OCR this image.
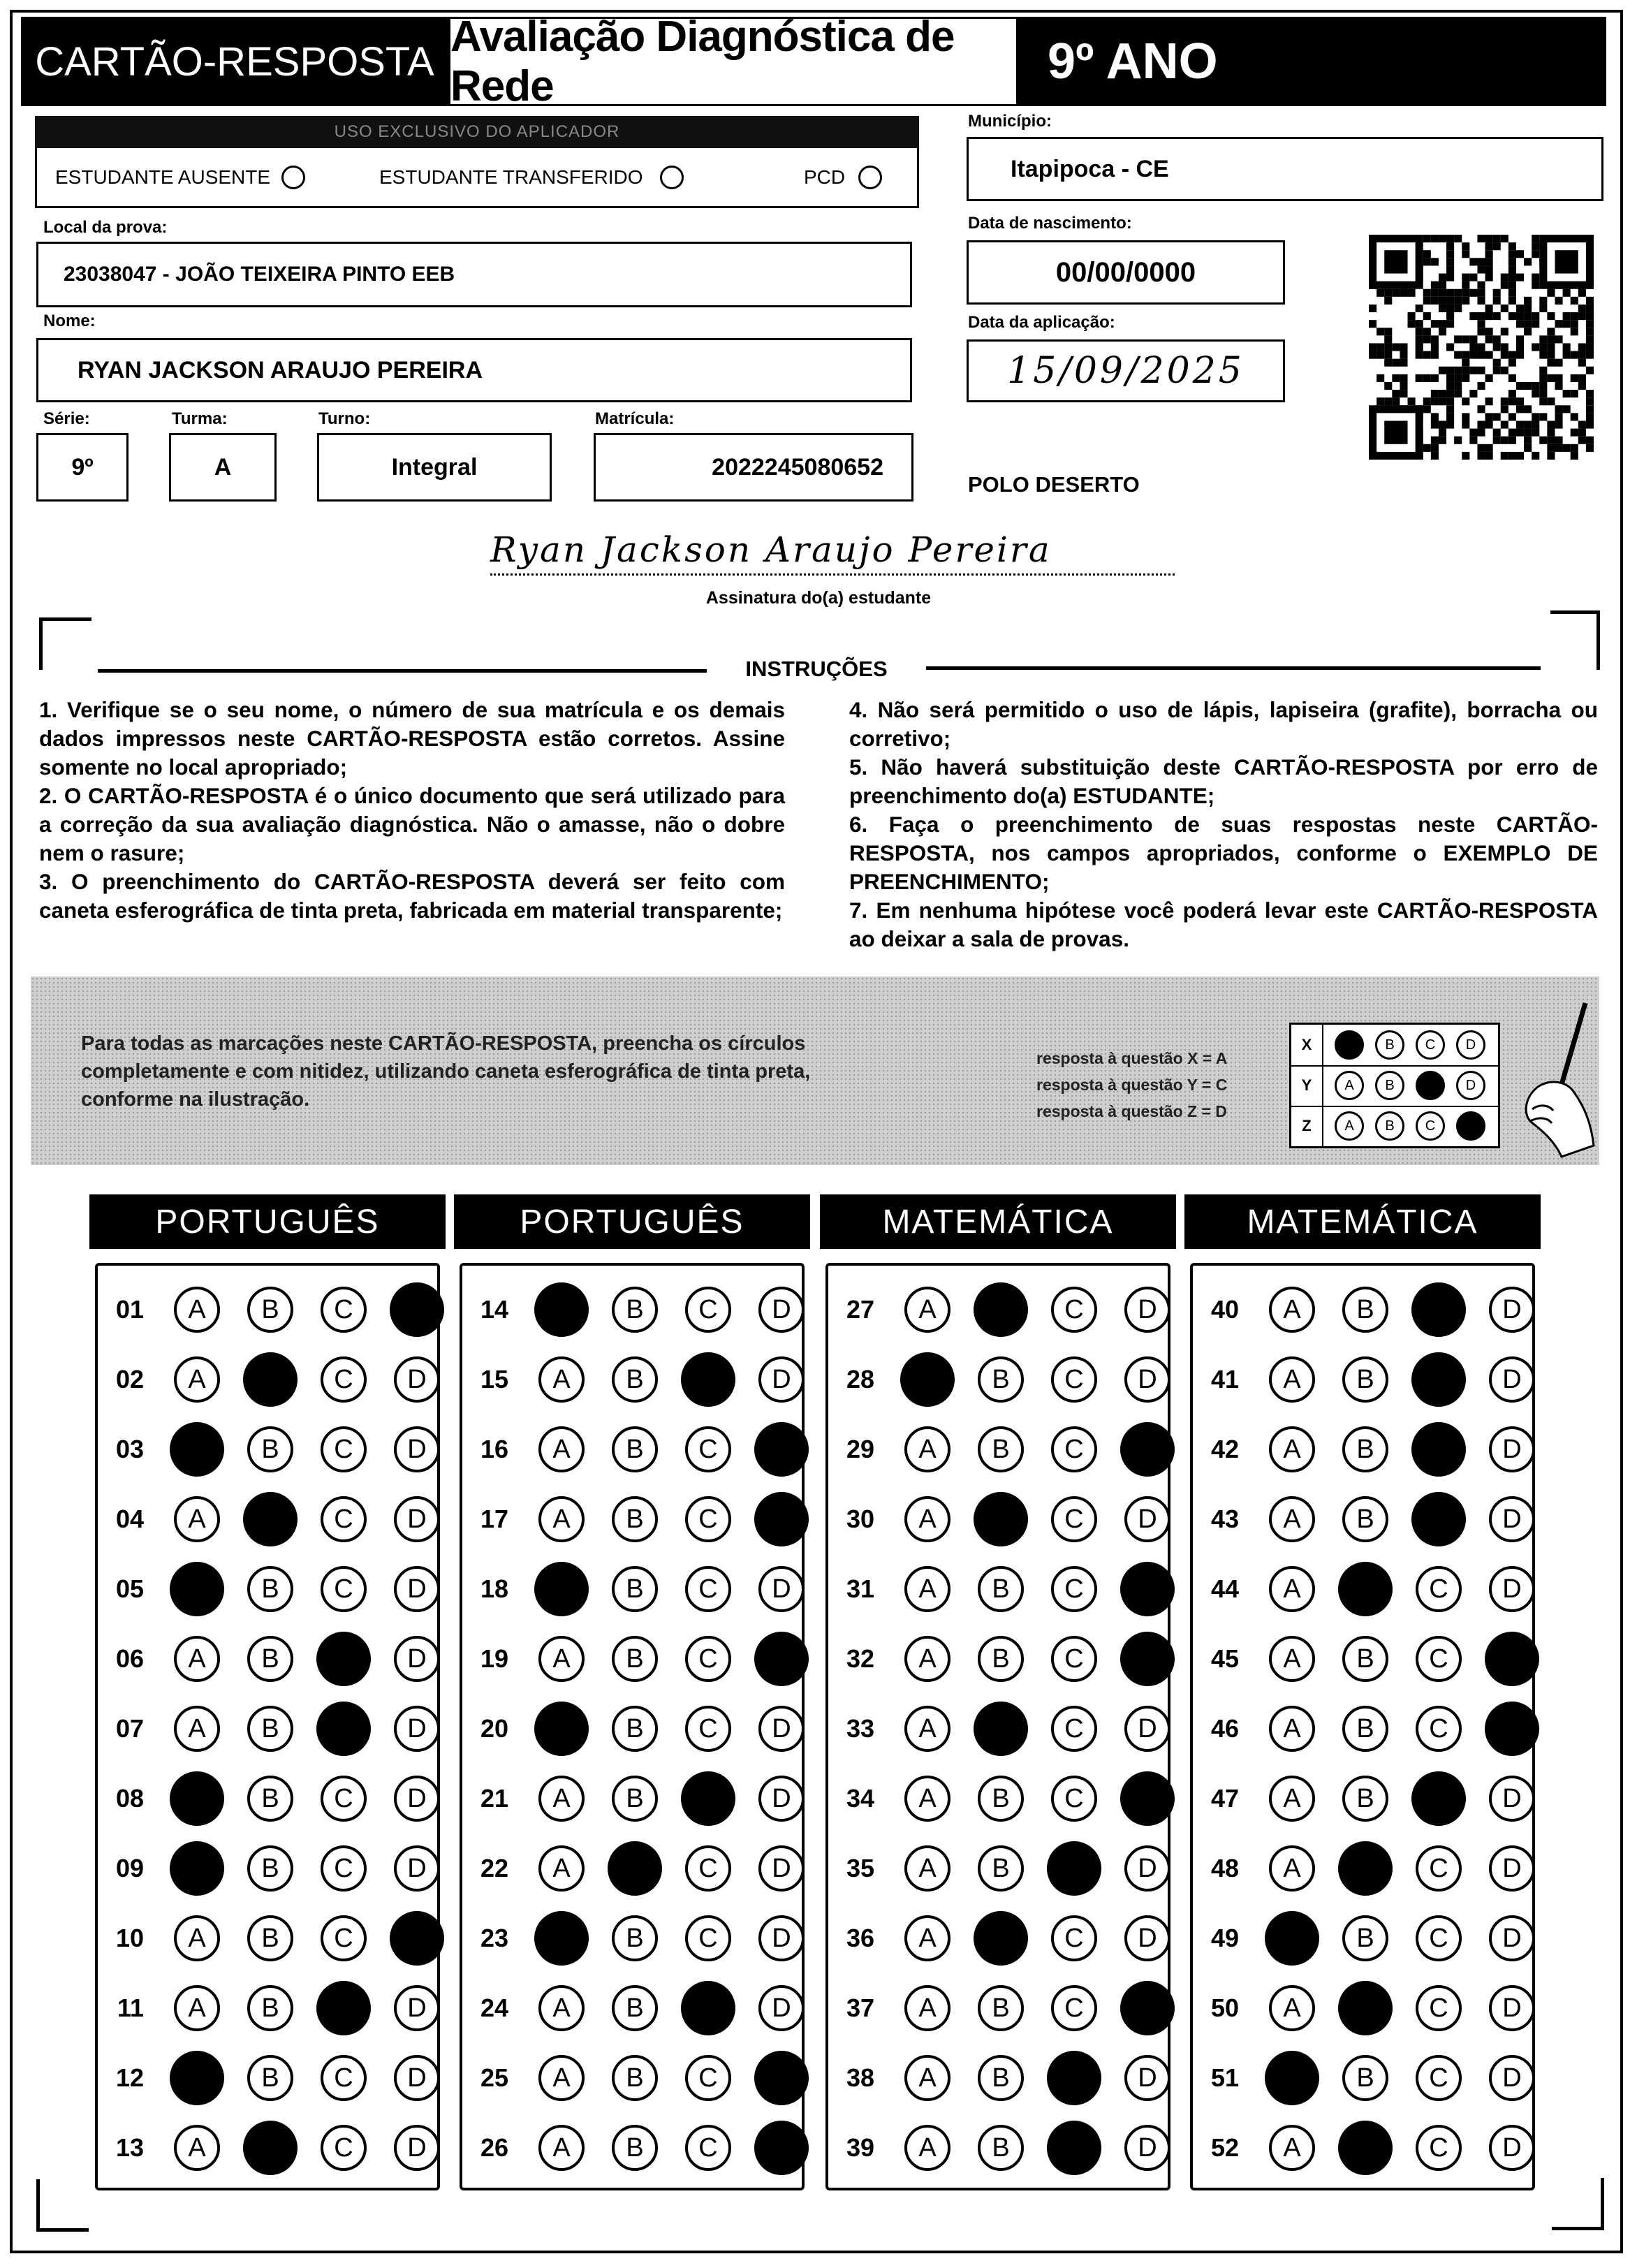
CARTÃO-RESPOSTA
Avaliação Diagnóstica de Rede	9º ANO
USO EXCLUSIVO DO APLICADOR
ESTUDANTE AUSENTE	ESTUDANTE TRANSFERIDO	PCD
Município:
Itapipoca - CE
Local da prova:
23038047 - JOÃO TEIXEIRA PINTO EEB
Data de nascimento:
00/00/0000
Data da aplicação:
15/09/2025
Nome:
RYAN JACKSON ARAUJO PEREIRA
Série:
9º
Turma:
A
Turno:
Integral
Matrícula:
2022245080652
POLO DESERTO
Ryan Jackson Araujo Pereira
Assinatura do(a) estudante
INSTRUÇÕES

1. Verifique se o seu nome, o número de sua matrícula e os demais dados impressos neste CARTÃO-RESPOSTA estão corretos. Assine somente no local apropriado;

2. O CARTÃO-RESPOSTA é o único documento que será utilizado para a correção da sua avaliação diagnóstica. Não o amasse, não o dobre nem o rasure;

3. O preenchimento do CARTÃO-RESPOSTA deverá ser feito com caneta esferográfica de tinta preta, fabricada em material transparente;

4. Não será permitido o uso de lápis, lapiseira (grafite), borracha ou corretivo;

5. Não haverá substituição deste CARTÃO-RESPOSTA por erro de preenchimento do(a) ESTUDANTE;

6. Faça o preenchimento de suas respostas neste CARTÃO-RESPOSTA, nos campos apropriados, conforme o EXEMPLO DE PREENCHIMENTO;

7. Em nenhuma hipótese você poderá levar este CARTÃO-RESPOSTA ao deixar a sala de provas.

Para todas as marcações neste CARTÃO-RESPOSTA, preencha os círculos completamente e com nitidez, utilizando caneta esferográfica de tinta preta, conforme na ilustração.
resposta à questão X = A
resposta à questão Y = C
resposta à questão Z = D
X	B	C	D
Y	A	B	D
Z	A	B	C
PORTUGUÊS
01	A	B	C	D
02	A	B	C	D
03	A	B	C	D
04	A	B	C	D
05	A	B	C	D
06	A	B	C	D
07	A	B	C	D
08	A	B	C	D
09	A	B	C	D
10	A	B	C	D
11	A	B	C	D
12	A	B	C	D
13	A	B	C	D
PORTUGUÊS
14	A	B	C	D
15	A	B	C	D
16	A	B	C	D
17	A	B	C	D
18	A	B	C	D
19	A	B	C	D
20	A	B	C	D
21	A	B	C	D
22	A	B	C	D
23	A	B	C	D
24	A	B	C	D
25	A	B	C	D
26	A	B	C	D
MATEMÁTICA
27	A	B	C	D
28	A	B	C	D
29	A	B	C	D
30	A	B	C	D
31	A	B	C	D
32	A	B	C	D
33	A	B	C	D
34	A	B	C	D
35	A	B	C	D
36	A	B	C	D
37	A	B	C	D
38	A	B	C	D
39	A	B	C	D
MATEMÁTICA
40	A	B	C	D
41	A	B	C	D
42	A	B	C	D
43	A	B	C	D
44	A	B	C	D
45	A	B	C	D
46	A	B	C	D
47	A	B	C	D
48	A	B	C	D
49	A	B	C	D
50	A	B	C	D
51	A	B	C	D
52	A	B	C	D
